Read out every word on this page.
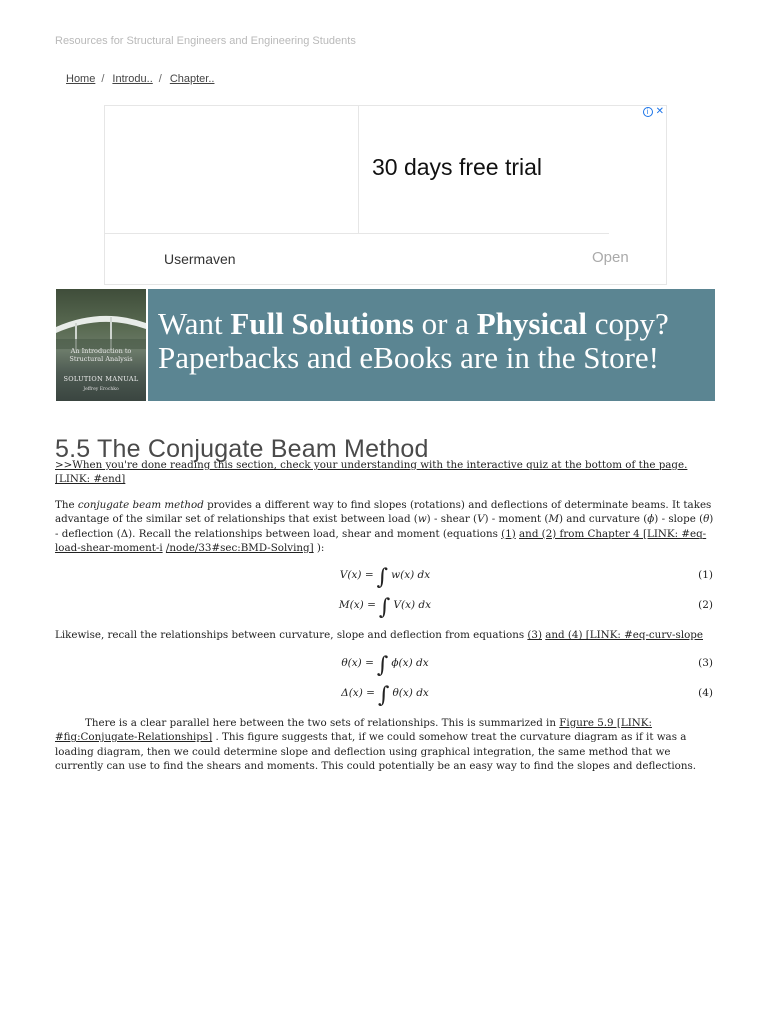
Resources for Structural Engineers and Engineering Students
Home / Introdu.. / Chapter..
i ✕
30 days free trial
Usermaven	Open
An Introduction to Structural Analysis
SOLUTION MANUAL
Jeffrey Erochko
Want Full Solutions or a Physical copy?
Paperbacks and eBooks are in the Store!
5.5 The Conjugate Beam Method

>>When you're done reading this section, check your understanding with the interactive quiz at the bottom of the page. [LINK: #end]

The conjugate beam method provides a different way to find slopes (rotations) and deflections of determinate beams. It takes advantage of the similar set of relationships that exist between load (w) - shear (V) - moment (M) and curvature (ϕ) - slope (θ) - deflection (Δ). Recall the relationships between load, shear and moment (equations (1) and (2) from Chapter 4 [LINK: #eq-load-shear-moment-i /node/33#sec:BMD-Solving] ):

V(x) = ∫ w(x) dx	(1)
M(x) = ∫ V(x) dx	(2)

Likewise, recall the relationships between curvature, slope and deflection from equations (3) and (4) [LINK: #eq-curv-slope

θ(x) = ∫ ϕ(x) dx	(3)
Δ(x) = ∫ θ(x) dx	(4)

There is a clear parallel here between the two sets of relationships. This is summarized in Figure 5.9 [LINK: #fig:Conjugate-Relationships] . This figure suggests that, if we could somehow treat the curvature diagram as if it was a loading diagram, then we could determine slope and deflection using graphical integration, the same method that we currently can use to find the shears and moments. This could potentially be an easy way to find the slopes and deflections.
